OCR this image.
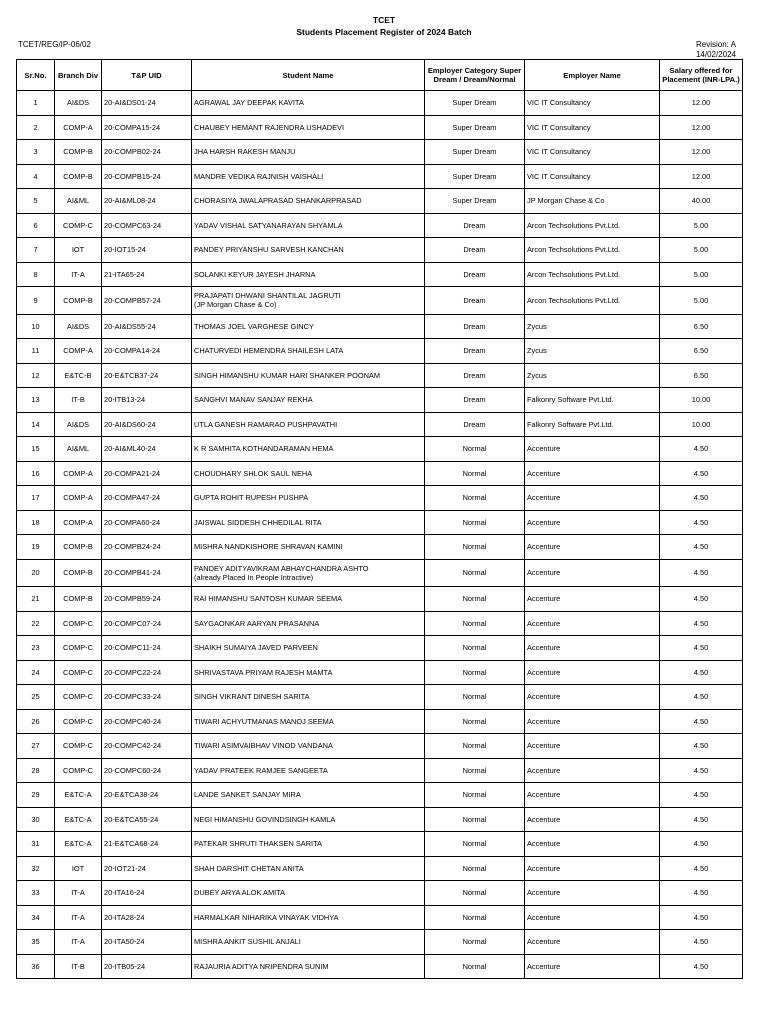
TCET
Students Placement Register of 2024 Batch
TCET/REG/IP-06/02	Revision: A
14/02/2024
Sr.No.	Branch Div	T&P UID	Student Name	Employer Category Super Dream / Dream/Normal	Employer Name	Salary offered for Placement (INR-LPA.)
1	AI&DS	20-AI&DS01-24	AGRAWAL JAY DEEPAK KAVITA	Super Dream	VIC IT Consultancy	12.00
2	COMP-A	20-COMPA15-24	CHAUBEY HEMANT RAJENDRA USHADEVI	Super Dream	VIC IT Consultancy	12.00
3	COMP-B	20-COMPB02-24	JHA HARSH RAKESH MANJU	Super Dream	VIC IT Consultancy	12.00
4	COMP-B	20-COMPB15-24	MANDRE VEDIKA RAJNISH VAISHALI	Super Dream	VIC IT Consultancy	12.00
5	AI&ML	20-AI&ML08-24	CHORASIYA JWALAPRASAD SHANKARPRASAD	Super Dream	JP Morgan Chase & Co	40.00
6	COMP-C	20-COMPC63-24	YADAV VISHAL SATYANARAYAN SHYAMLA	Dream	Arcon Techsolutions Pvt.Ltd.	5.00
7	IOT	20-IOT15-24	PANDEY PRIYANSHU SARVESH KANCHAN	Dream	Arcon Techsolutions Pvt.Ltd.	5.00
8	IT-A	21-ITA65-24	SOLANKI KEYUR JAYESH JHARNA	Dream	Arcon Techsolutions Pvt.Ltd.	5.00
9	COMP-B	20-COMPB57-24	PRAJAPATI DHWANI SHANTILAL JAGRUTI
(JP Morgan Chase & Co)	Dream	Arcon Techsolutions Pvt.Ltd.	5.00
10	AI&DS	20-AI&DS55-24	THOMAS JOEL VARGHESE GINCY	Dream	Zycus	6.50
11	COMP-A	20-COMPA14-24	CHATURVEDI HEMENDRA SHAILESH LATA	Dream	Zycus	6.50
12	E&TC-B	20-E&TCB37-24	SINGH HIMANSHU KUMAR HARI SHANKER POONAM	Dream	Zycus	6.50
13	IT-B	20-ITB13-24	SANGHVI MANAV SANJAY REKHA	Dream	Falkonry Software Pvt.Ltd.	10.00
14	AI&DS	20-AI&DS60-24	UTLA GANESH RAMARAO PUSHPAVATHI	Dream	Falkonry Software Pvt.Ltd.	10.00
15	AI&ML	20-AI&ML40-24	K R SAMHITA KOTHANDARAMAN HEMA	Normal	Accenture	4.50
16	COMP-A	20-COMPA21-24	CHOUDHARY SHLOK SAUL NEHA	Normal	Accenture	4.50
17	COMP-A	20-COMPA47-24	GUPTA ROHIT RUPESH PUSHPA	Normal	Accenture	4.50
18	COMP-A	20-COMPA60-24	JAISWAL SIDDESH CHHEDILAL RITA	Normal	Accenture	4.50
19	COMP-B	20-COMPB24-24	MISHRA NANDKISHORE SHRAVAN KAMINI	Normal	Accenture	4.50
20	COMP-B	20-COMPB41-24	PANDEY ADITYAVIKRAM ABHAYCHANDRA ASHTO
(already Placed In People Intractive)	Normal	Accenture	4.50
21	COMP-B	20-COMPB59-24	RAI HIMANSHU SANTOSH KUMAR SEEMA	Normal	Accenture	4.50
22	COMP-C	20-COMPC07-24	SAYGAONKAR AARYAN PRASANNA	Normal	Accenture	4.50
23	COMP-C	20-COMPC11-24	SHAIKH SUMAIYA JAVED PARVEEN	Normal	Accenture	4.50
24	COMP-C	20-COMPC22-24	SHRIVASTAVA PRIYAM RAJESH MAMTA	Normal	Accenture	4.50
25	COMP-C	20-COMPC33-24	SINGH VIKRANT DINESH SARITA	Normal	Accenture	4.50
26	COMP-C	20-COMPC40-24	TIWARI ACHYUTMANAS MANOJ SEEMA	Normal	Accenture	4.50
27	COMP-C	20-COMPC42-24	TIWARI ASIMVAIBHAV VINOD VANDANA	Normal	Accenture	4.50
28	COMP-C	20-COMPC60-24	YADAV PRATEEK RAMJEE SANGEETA	Normal	Accenture	4.50
29	E&TC-A	20-E&TCA38-24	LANDE SANKET SANJAY MIRA	Normal	Accenture	4.50
30	E&TC-A	20-E&TCA55-24	NEGI HIMANSHU GOVINDSINGH KAMLA	Normal	Accenture	4.50
31	E&TC-A	21-E&TCA68-24	PATEKAR SHRUTI THAKSEN SARITA	Normal	Accenture	4.50
32	IOT	20-IOT21-24	SHAH DARSHIT CHETAN ANITA	Normal	Accenture	4.50
33	IT-A	20-ITA16-24	DUBEY ARYA ALOK AMITA	Normal	Accenture	4.50
34	IT-A	20-ITA28-24	HARMALKAR NIHARIKA VINAYAK VIDHYA	Normal	Accenture	4.50
35	IT-A	20-ITA50-24	MISHRA ANKIT SUSHIL ANJALI	Normal	Accenture	4.50
36	IT-B	20-ITB05-24	RAJAURIA ADITYA NRIPENDRA SUNIM	Normal	Accenture	4.50
